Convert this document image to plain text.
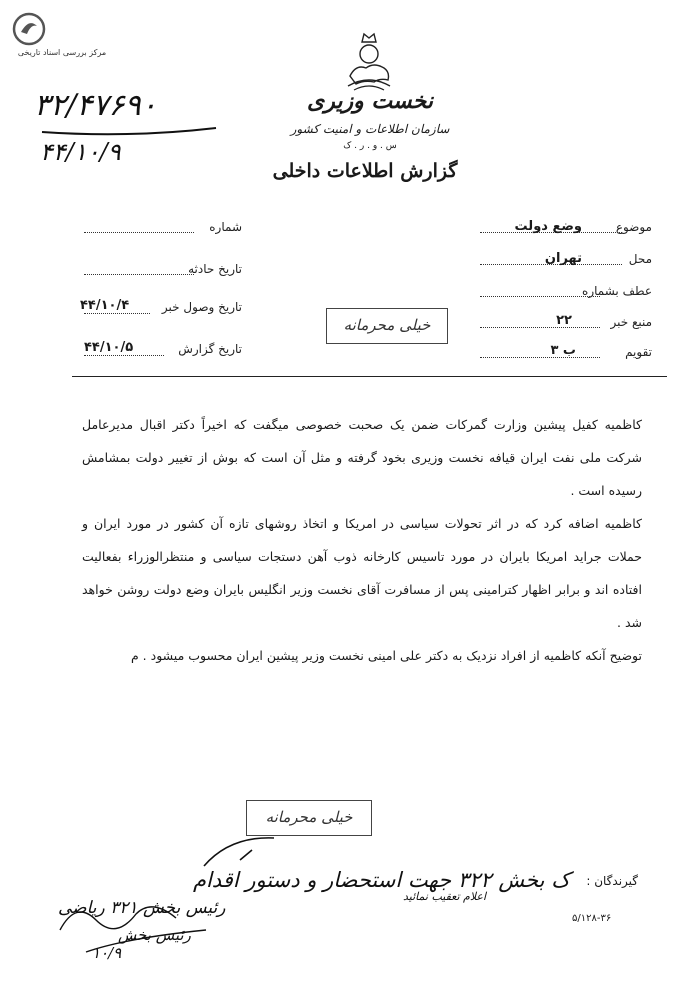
مرکز بررسی اسناد تاریخی
نخست وزیری
سازمان اطلاعات و امنیت کشور
س . و . ر . ک
گزارش اطلاعات داخلی
۳۲/۴۷۶۹۰
۴۴/۱۰/۹
موضوع
وضع دولت
محل
تهران
عطف بشماره
منبع خبر
۲۲
تقویم
ب ۳
شماره
تاریخ حادثه
تاریخ وصول خبر
۴۴/۱۰/۴
تاریخ گزارش
۴۴/۱۰/۵
خیلی محرمانه

کاظمیه کفیل پیشین وزارت گمرکات ضمن یک صحبت خصوصی میگفت که اخیراً دکتر اقبال مدیرعامل شرکت ملی نفت ایران قیافه نخست وزیری بخود گرفته و مثل آن است که بوش از تغییر دولت بمشامش رسیده است .

کاظمیه اضافه کرد که در اثر تحولات سیاسی در امریکا و اتخاذ روشهای تازه آن کشور در مورد ایران و حملات جراید امریکا بایران در مورد تاسیس کارخانه ذوب آهن دستجات سیاسی و منتظرالوزراء بفعالیت افتاده اند و برابر اظهار کترامینی پس از مسافرت آقای نخست وزیر انگلیس بایران وضع دولت روشن خواهد شد .

توضیح آنکه کاظمیه از افراد نزدیک به دکتر علی امینی نخست وزیر پیشین ایران محسوب میشود . م

خیلی محرمانه
گیرندگان :
ک بخش ۳۲۲ جهت استحضار و دستور اقدام
اعلام تعقیب نمائید
۵/۱۲۸-۳۶
رئیس بخش ۳۲۱ ریاضی
رئیس بخش
۱۰/۹
